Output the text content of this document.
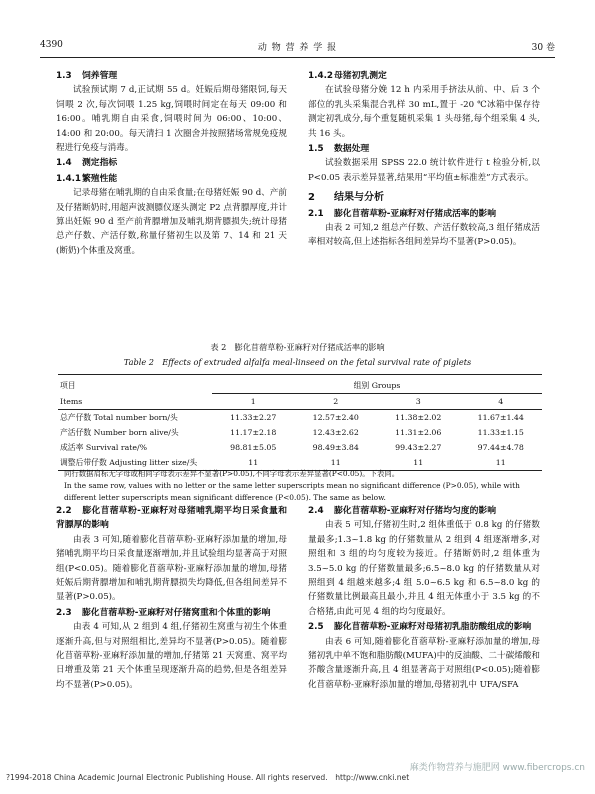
4390	动 物 营 养 学 报	30 卷

1.3 饲养管理

试验预试期 7 d,正试期 55 d。妊娠后期母猪限饲,每天饲喂 2 次,每次饲喂 1.25 kg,饲喂时间定在每天 09:00 和 16:00。哺乳期自由采食,饲喂时间为 06:00、10:00、14:00 和 20:00。每天清扫 1 次圈舍并按照猪场常规免疫规程进行免疫与消毒。

1.4 测定指标

1.4.1繁殖性能

记录母猪在哺乳期的自由采食量;在母猪妊娠 90 d、产前及仔猪断奶时,用超声波测膘仪逐头测定 P2 点背膘厚度,并计算出妊娠 90 d 至产前背膘增加及哺乳期背膘损失;统计母猪总产仔数、产活仔数,称量仔猪初生以及第 7、14 和 21 天(断奶)个体重及窝重。

1.4.2母猪初乳测定

在试验母猪分娩 12 h 内采用手挤法从前、中、后 3 个部位的乳头采集混合乳样 30 mL,置于 -20 ℃冰箱中保存待测定初乳成分,每个重复随机采集 1 头母猪,每个组采集 4 头,共 16 头。

1.5 数据处理

试验数据采用 SPSS 22.0 统计软件进行 t 检验分析,以 P<0.05 表示差异显著,结果用“平均值±标准差”方式表示。

2 结果与分析

2.1 膨化苜蓿草粉-亚麻籽对仔猪成活率的影响

由表 2 可知,2 组总产仔数、产活仔数较高,3 组仔猪成活率相对较高,但上述指标各组间差异均不显著(P>0.05)。

表 2　膨化苜蓿草粉-亚麻籽对仔猪成活率的影响
Table 2　Effects of extruded alfalfa meal-linseed on the fetal survival rate of piglets
项目	组别 Groups			
Items	1	2	3	4
总产仔数 Total number born/头	11.33±2.27	12.57±2.40	11.38±2.02	11.67±1.44
产活仔数 Number born alive/头	11.17±2.18	12.43±2.62	11.31±2.06	11.33±1.15
成活率 Survival rate/%	98.81±5.05	98.49±3.84	99.43±2.27	97.44±4.78
调整后带仔数 Adjusting litter size/头	11	11	11	11
同行数据肩标无字母或相同字母表示差异不显著(P>0.05),不同字母表示差异显著(P<0.05)。下表同。
In the same row, values with no letter or the same letter superscripts mean no significant difference (P>0.05), while with different letter superscripts mean significant difference (P<0.05). The same as below.

2.2 膨化苜蓿草粉-亚麻籽对母猪哺乳期平均日采食量和背膘厚的影响

由表 3 可知,随着膨化苜蓿草粉-亚麻籽添加量的增加,母猪哺乳期平均日采食量逐渐增加,并且试验组均显著高于对照组(P<0.05)。随着膨化苜蓿草粉-亚麻籽添加量的增加,母猪妊娠后期背膘增加和哺乳期背膘损失均降低,但各组间差异不显著(P>0.05)。

2.3 膨化苜蓿草粉-亚麻籽对仔猪窝重和个体重的影响

由表 4 可知,从 2 组到 4 组,仔猪初生窝重与初生个体重逐渐升高,但与对照组相比,差异均不显著(P>0.05)。随着膨化苜蓿草粉-亚麻籽添加量的增加,仔猪第 21 天窝重、窝平均日增重及第 21 天个体重呈现逐渐升高的趋势,但是各组差异均不显著(P>0.05)。

2.4 膨化苜蓿草粉-亚麻籽对仔猪均匀度的影响

由表 5 可知,仔猪初生时,2 组体重低于 0.8 kg 的仔猪数量最多;1.3~1.8 kg 的仔猪数量从 2 组到 4 组逐渐增多,对照组和 3 组的均匀度较为接近。仔猪断奶时,2 组体重为 3.5~5.0 kg 的仔猪数量最多;6.5~8.0 kg 的仔猪数量从对照组到 4 组越来越多;4 组 5.0~6.5 kg 和 6.5~8.0 kg 的仔猪数量比例最高且最小,并且 4 组无体重小于 3.5 kg 的不合格猪,由此可见 4 组的均匀度最好。

2.5 膨化苜蓿草粉-亚麻籽对母猪初乳脂肪酸组成的影响

由表 6 可知,随着膨化苜蓿草粉-亚麻籽添加量的增加,母猪初乳中单不饱和脂肪酸(MUFA)中的反油酸、二十碳烯酸和芥酸含量逐渐升高,且 4 组显著高于对照组(P<0.05);随着膨化苜蓿草粉-亚麻籽添加量的增加,母猪初乳中 UFA/SFA

?1994-2018 China Academic Journal Electronic Publishing House. All rights reserved.　http://www.cnki.net
麻类作物营养与施肥网 www.fibercrops.cn
